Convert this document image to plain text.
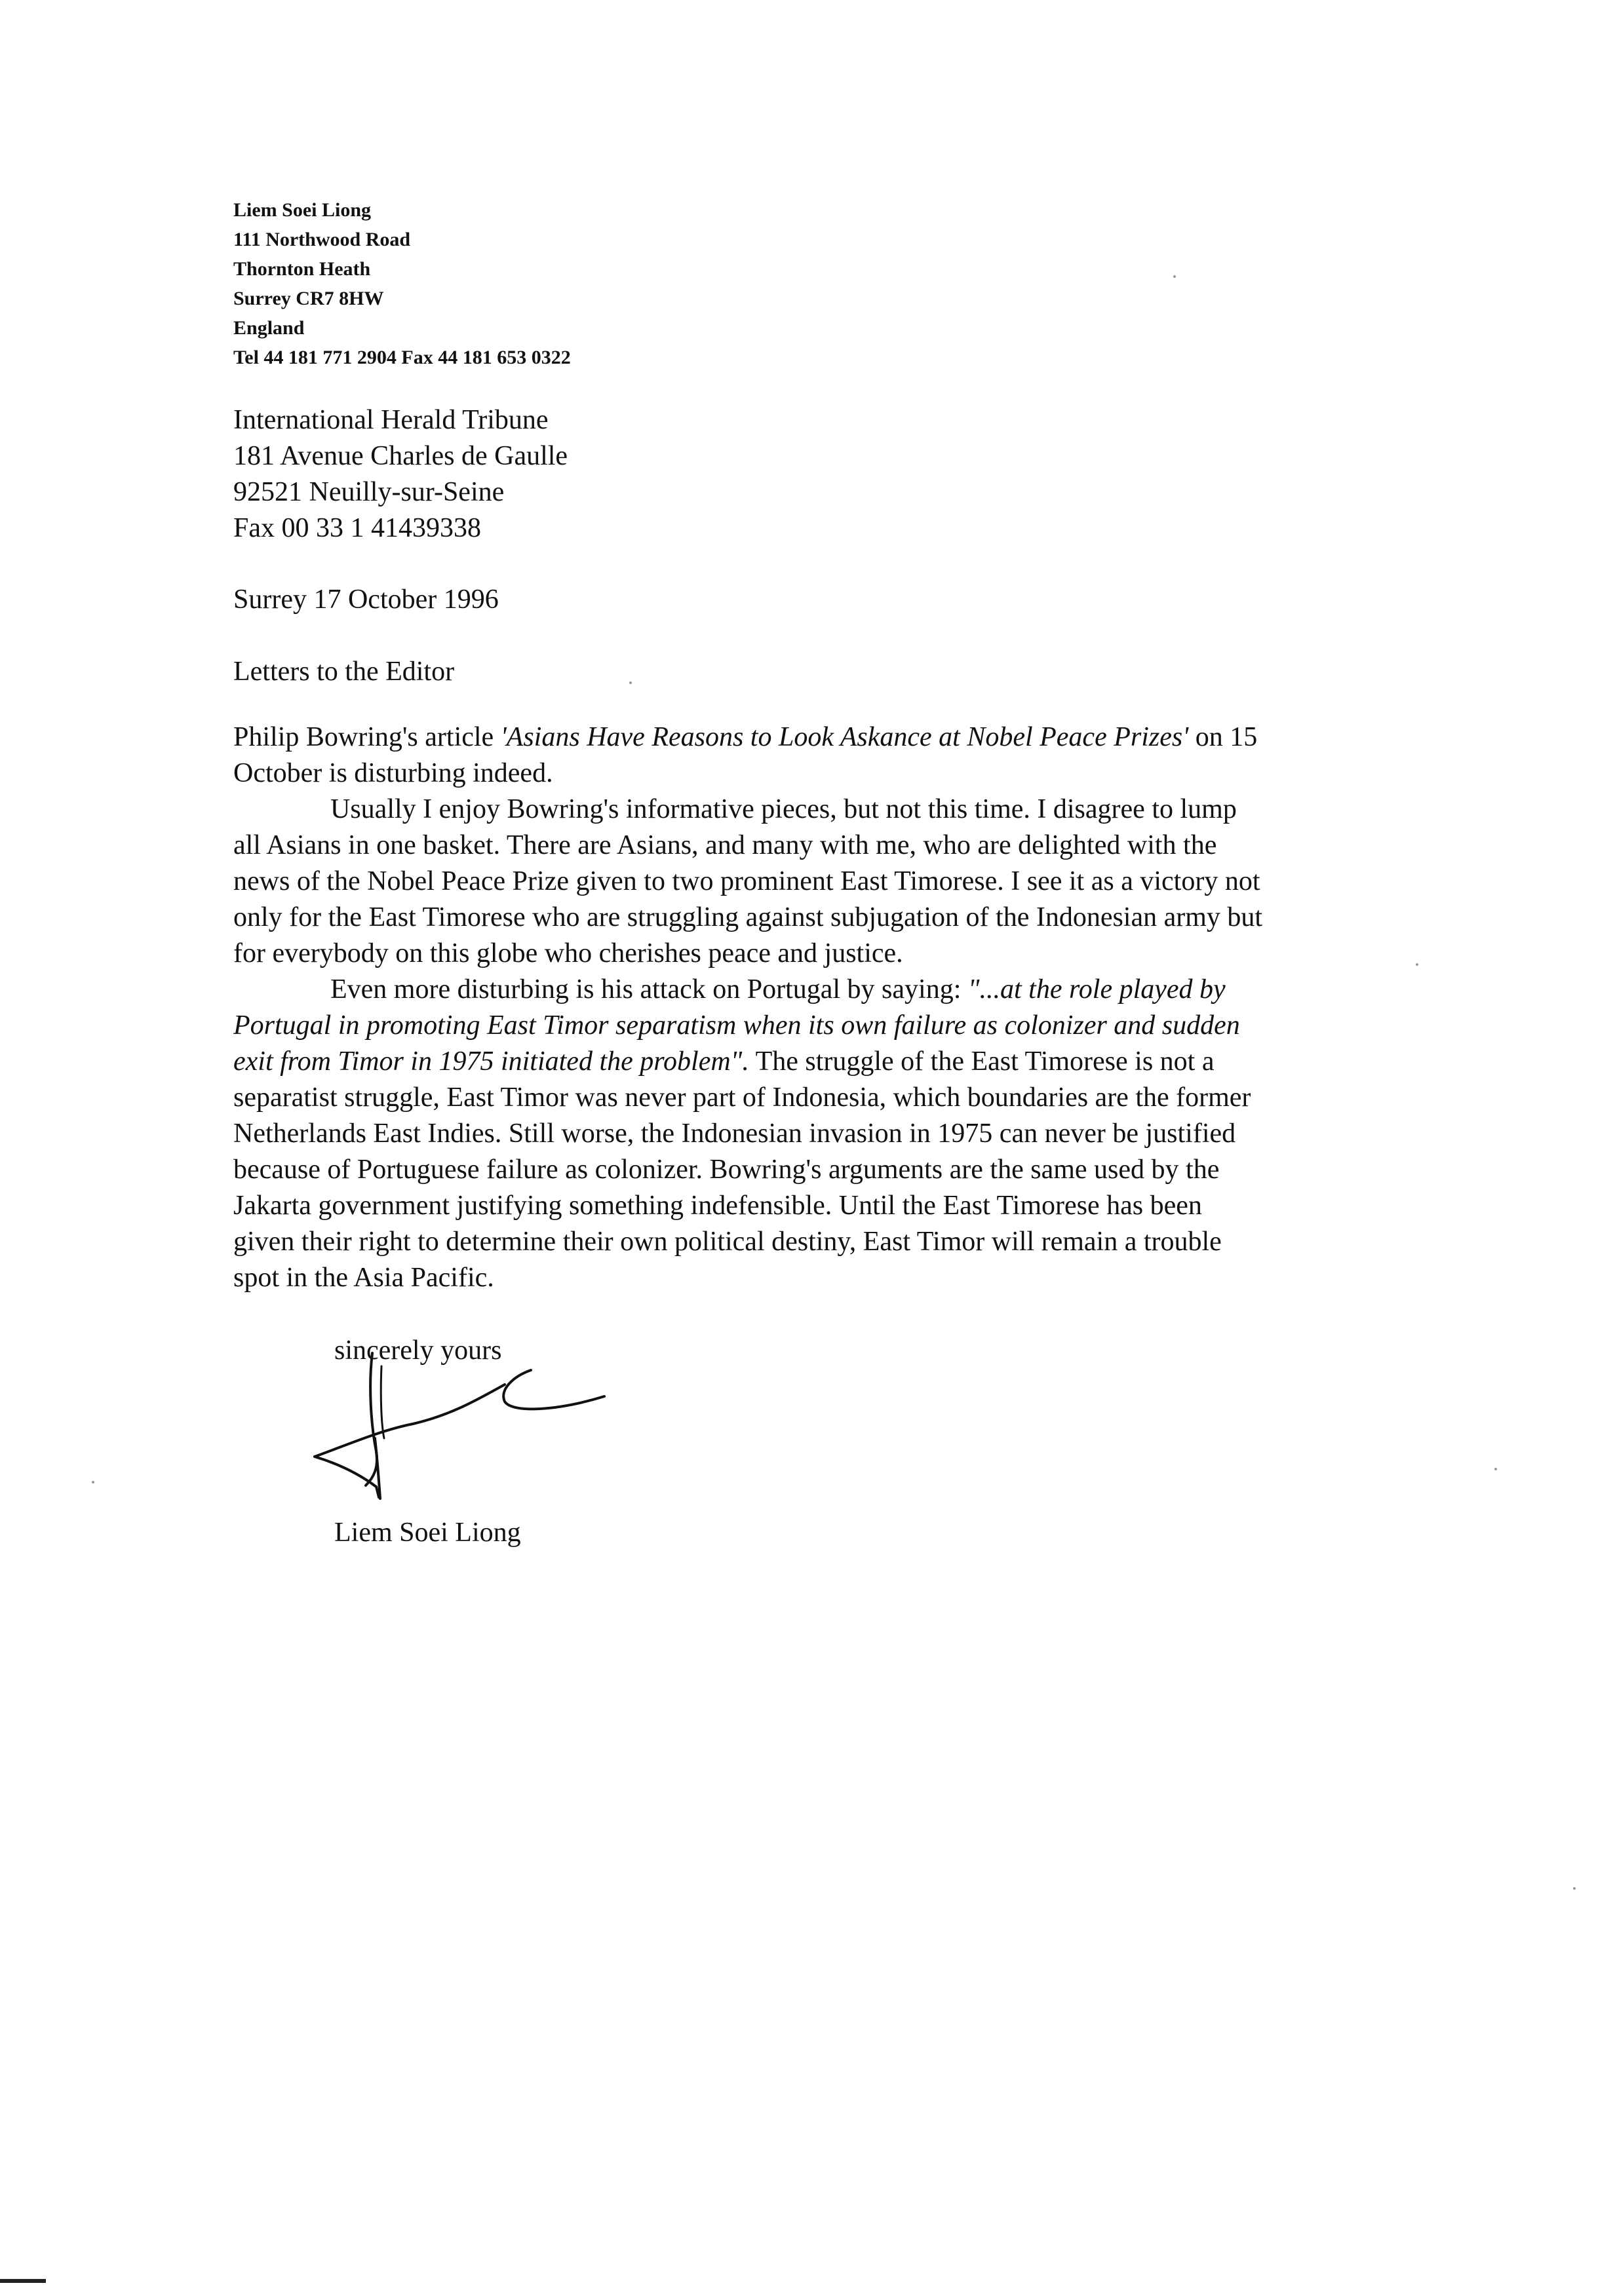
Liem Soei Liong
111 Northwood Road
Thornton Heath
Surrey CR7 8HW
England
Tel 44 181 771 2904 Fax 44 181 653 0322
International Herald Tribune
181 Avenue Charles de Gaulle
92521 Neuilly-sur-Seine
Fax 00 33 1 41439338
Surrey 17 October 1996
Letters to the Editor

Philip Bowring's article 'Asians Have Reasons to Look Askance at Nobel Peace Prizes' on 15
October is disturbing indeed.

Usually I enjoy Bowring's informative pieces, but not this time. I disagree to lump
all Asians in one basket. There are Asians, and many with me, who are delighted with the
news of the Nobel Peace Prize given to two prominent East Timorese. I see it as a victory not
only for the East Timorese who are struggling against subjugation of the Indonesian army but
for everybody on this globe who cherishes peace and justice.

Even more disturbing is his attack on Portugal by saying: "...at the role played by
Portugal in promoting East Timor separatism when its own failure as colonizer and sudden
exit from Timor in 1975 initiated the problem". The struggle of the East Timorese is not a
separatist struggle, East Timor was never part of Indonesia, which boundaries are the former
Netherlands East Indies. Still worse, the Indonesian invasion in 1975 can never be justified
because of Portuguese failure as colonizer. Bowring's arguments are the same used by the
Jakarta government justifying something indefensible. Until the East Timorese has been
given their right to determine their own political destiny, East Timor will remain a trouble
spot in the Asia Pacific.

sincerely yours
Liem Soei Liong
